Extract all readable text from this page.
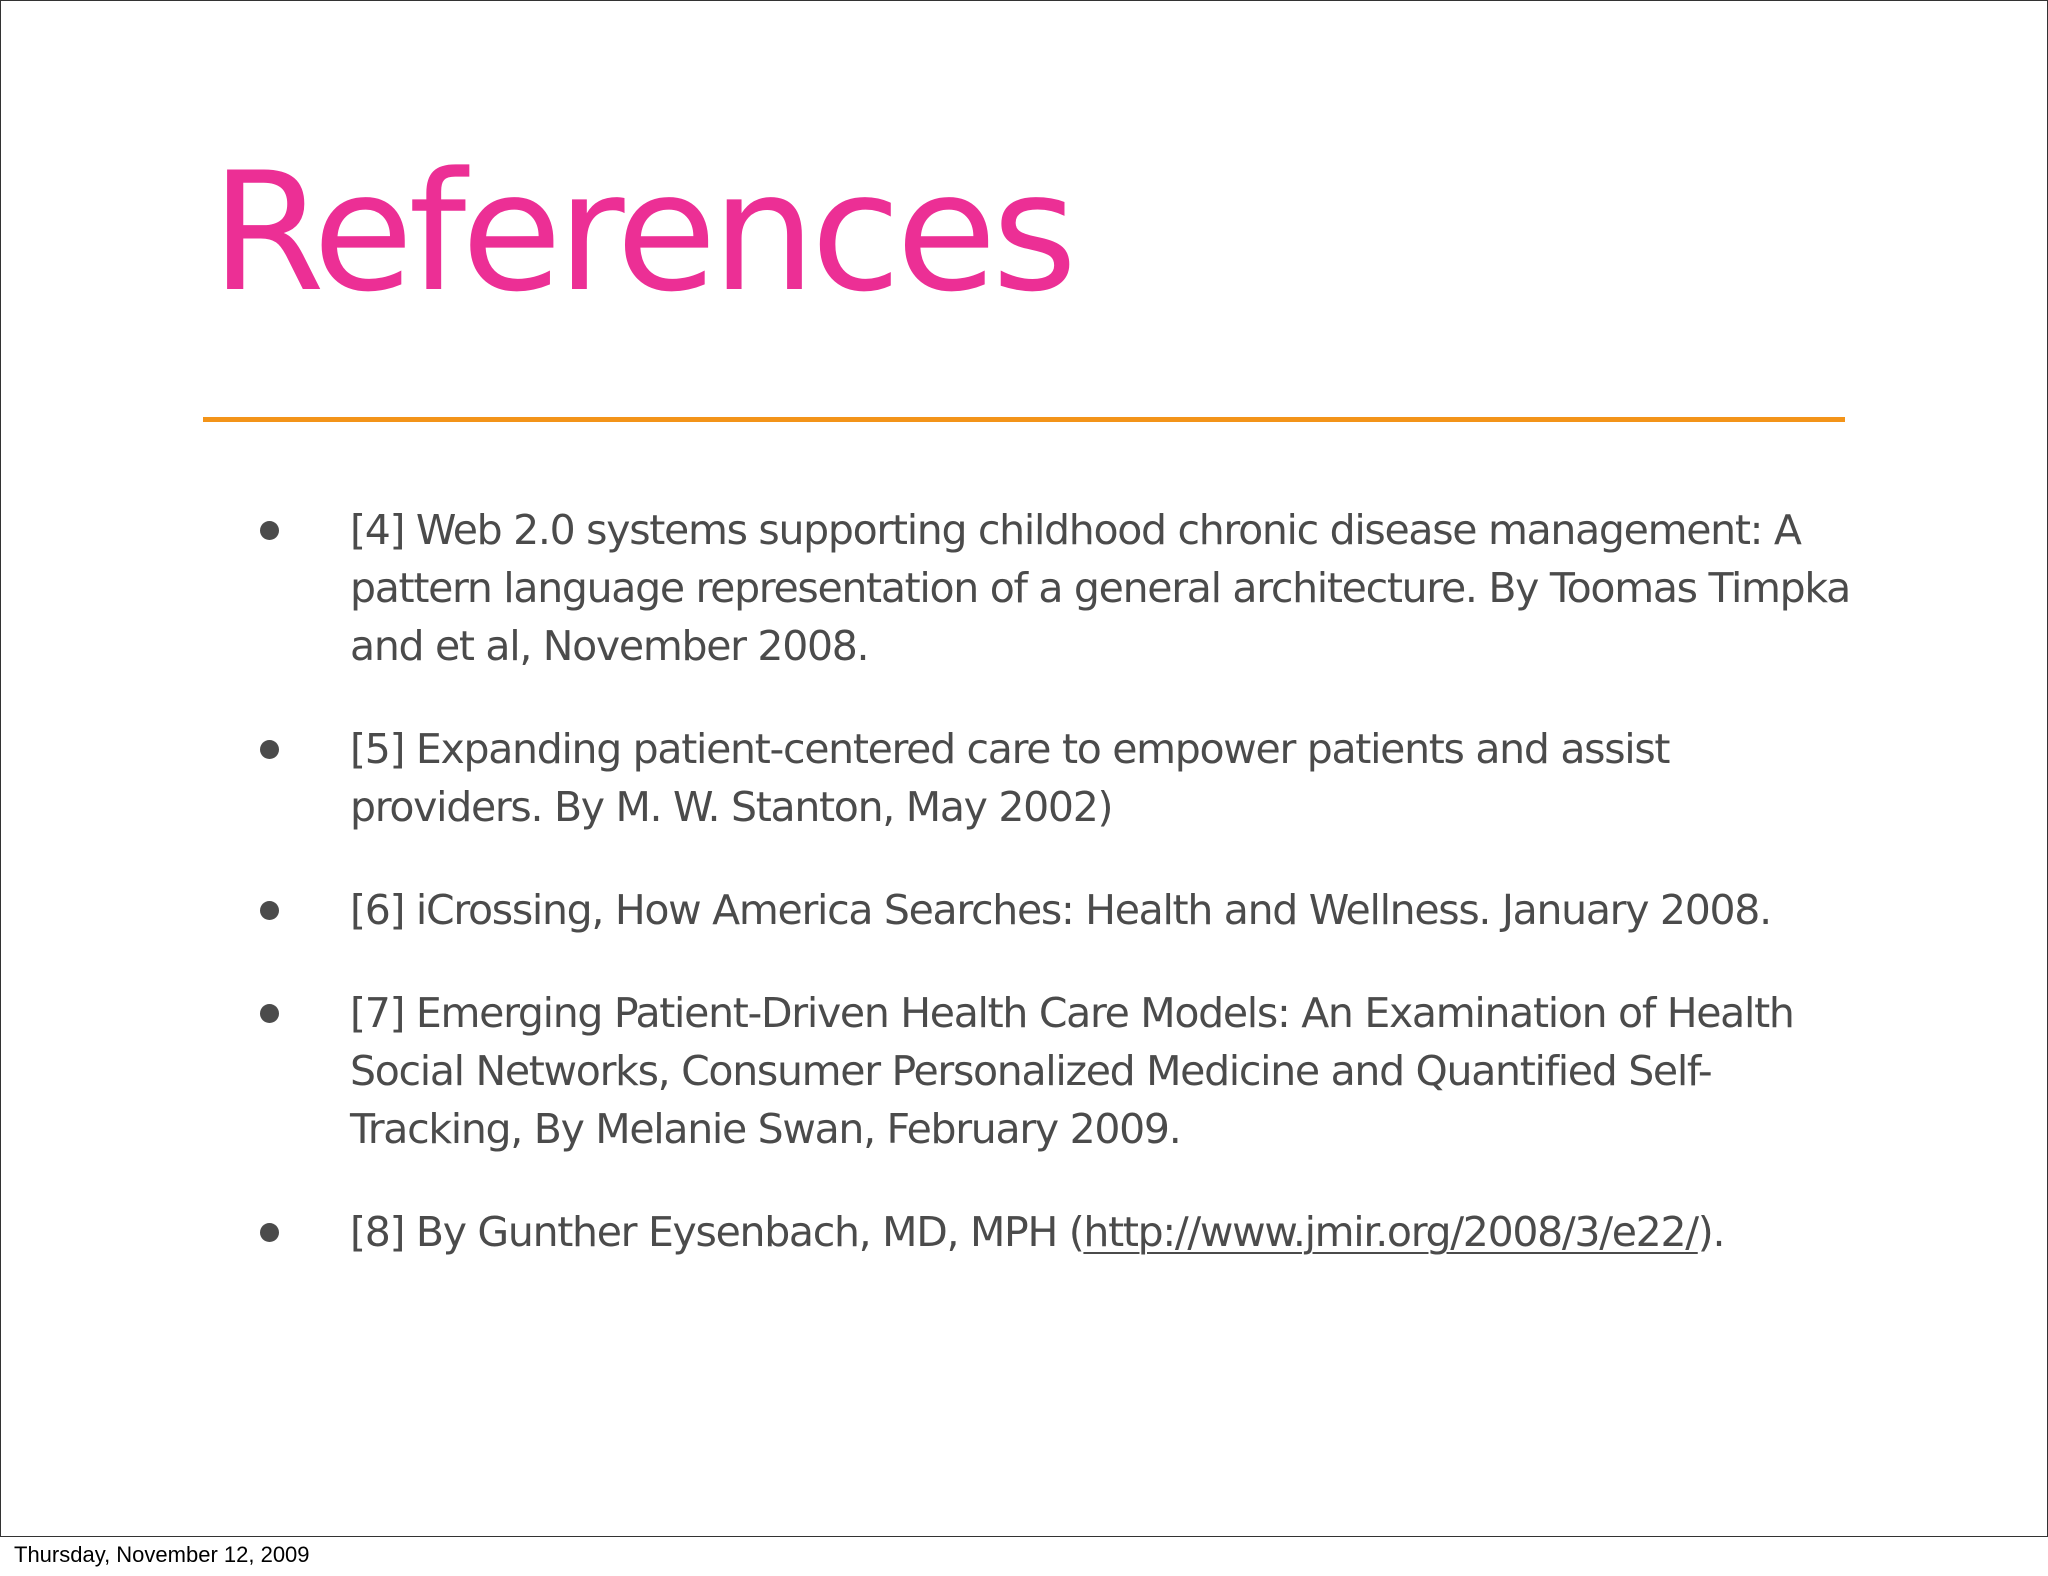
References
[4] Web 2.0 systems supporting childhood chronic disease management: A pattern language representation of a general architecture. By Toomas Timpka and et al, November 2008.
[5] Expanding patient-centered care to empower patients and assist providers. By M. W. Stanton, May 2002)
[6] iCrossing, How America Searches: Health and Wellness. January 2008.
[7] Emerging Patient-Driven Health Care Models: An Examination of Health Social Networks, Consumer Personalized Medicine and Quantified Self-Tracking, By Melanie Swan, February 2009.
[8] By Gunther Eysenbach, MD, MPH (http://www.jmir.org/2008/3/e22/).
Thursday, November 12, 2009
